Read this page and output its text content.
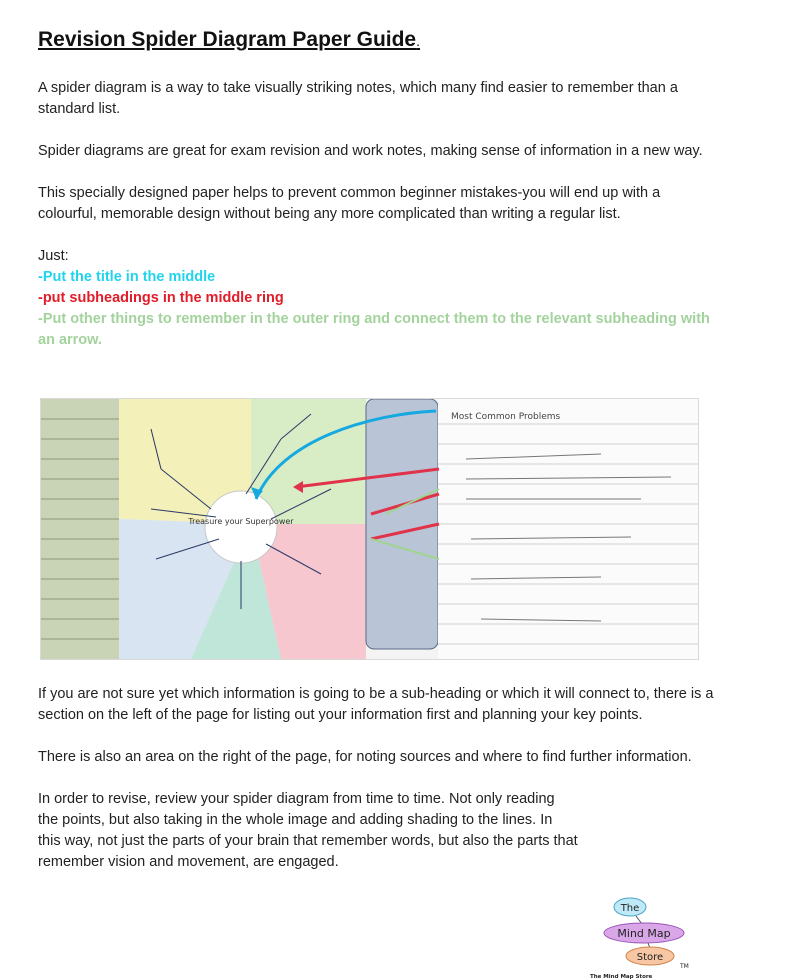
Revision Spider Diagram Paper Guide.

A spider diagram is a way to take visually striking notes, which many find easier to remember than a standard list.

Spider diagrams are great for exam revision and work notes, making sense of information in a new way.

This specially designed paper helps to prevent common beginner mistakes-you will end up with a colourful, memorable design without being any more complicated than writing a regular list.

Just:

-Put the title in the middle
-put subheadings in the middle ring
-Put other things to remember in the outer ring and connect them to the relevant subheading with an arrow.
Treasure your Superpower
Most Common Problems

If you are not sure yet which information is going to be a sub-heading or which it will connect to, there is a section on the left of the page for listing out your information first and planning your key points.

There is also an area on the right of the page, for noting sources and where to find further information.

In order to revise, review your spider diagram from time to time. Not only reading the points, but also taking in the whole image and adding shading to the lines. In this way, not just the parts of your brain that remember words, but also the parts that remember vision and movement, are engaged.

The
Mind Map
Store
TM
The Mind Map Store
